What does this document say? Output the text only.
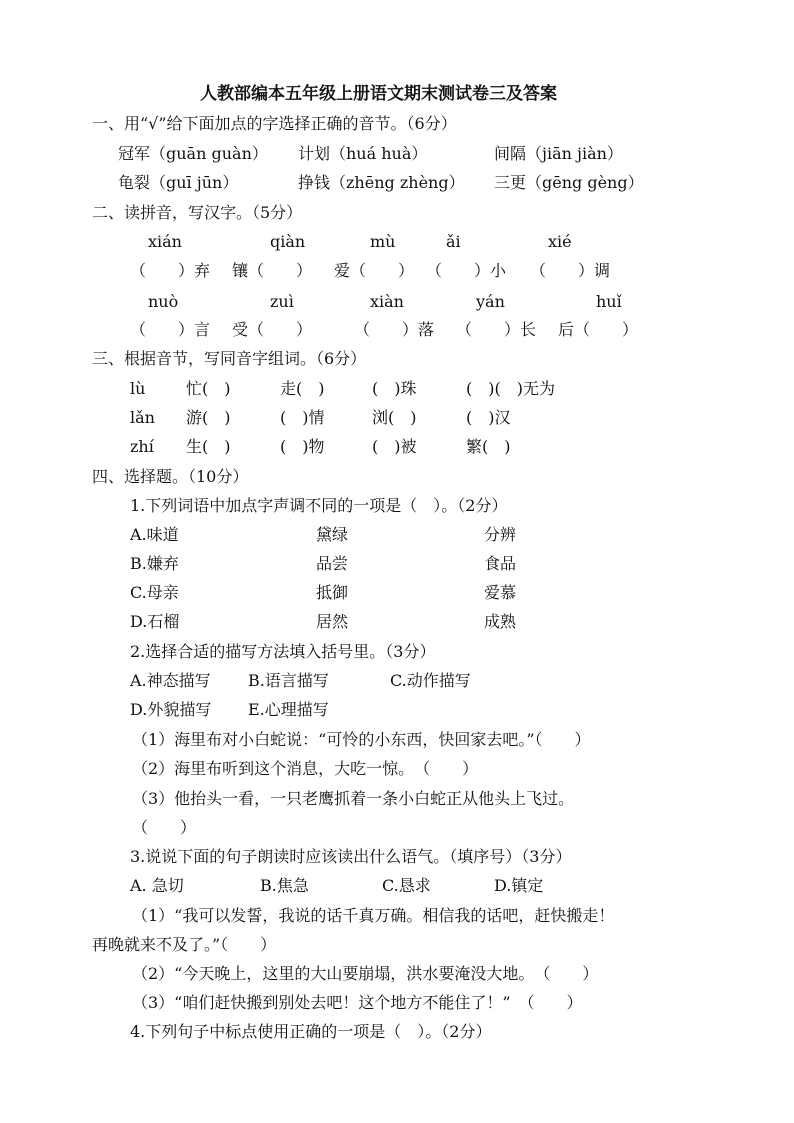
人教部编本五年级上册语文期末测试卷三及答案
一、用“√”给下面加点的字选择正确的音节。（6分）
冠军（guān guàn） 计划（huá huà）	间隔（jiān jiàn）
龟裂（guī jūn）	挣钱（zhēng zhèng） 三更（gēng gèng）
二、读拼音，写汉字。（5分）
xián	qiàn	mù	ǎi	xié
（　　）弃 镶（　　） 爱（　　） （　　）小 （　　）调
nuò	zuì	xiàn	yán	huǐ
（　　）言 受（　　）	（　　）落 （　　）长 后（　　）
三、根据音节，写同音字组词。（6分）
lù	忙(　)	走(　)	(　)珠	(　)(　)无为
lǎn 游(　)	(　)情	浏(　)	(　)汉
zhí 生(　)	(　)物	(　)被	繁(　)
四、选择题。（10分）
1.下列词语中加点字声调不同的一项是（　）。（2分）
A.味道	黛绿	分辨
B.嫌弃	品尝	食品
C.母亲	抵御	爱慕
D.石榴	居然	成熟
2.选择合适的描写方法填入括号里。（3分）
A.神态描写 B.语言描写	C.动作描写
D.外貌描写 E.心理描写
（1）海里布对小白蛇说：“可怜的小东西，快回家去吧。”（　　）
（2）海里布听到这个消息，大吃一惊。　（　　）
（3）他抬头一看，一只老鹰抓着一条小白蛇正从他头上飞过。
（　　）
3.说说下面的句子朗读时应该读出什么语气。（填序号）（3分）
A. 急切	B.焦急	C.恳求	D.镇定
（1）“我可以发誓，我说的话千真万确。相信我的话吧，赶快搬走！
再晚就来不及了。”（　　）
（2）“今天晚上，这里的大山要崩塌，洪水要淹没大地。　（　　）
（3）“咱们赶快搬到别处去吧！这个地方不能住了！”　（　　）
4.下列句子中标点使用正确的一项是（　）。（2分）
